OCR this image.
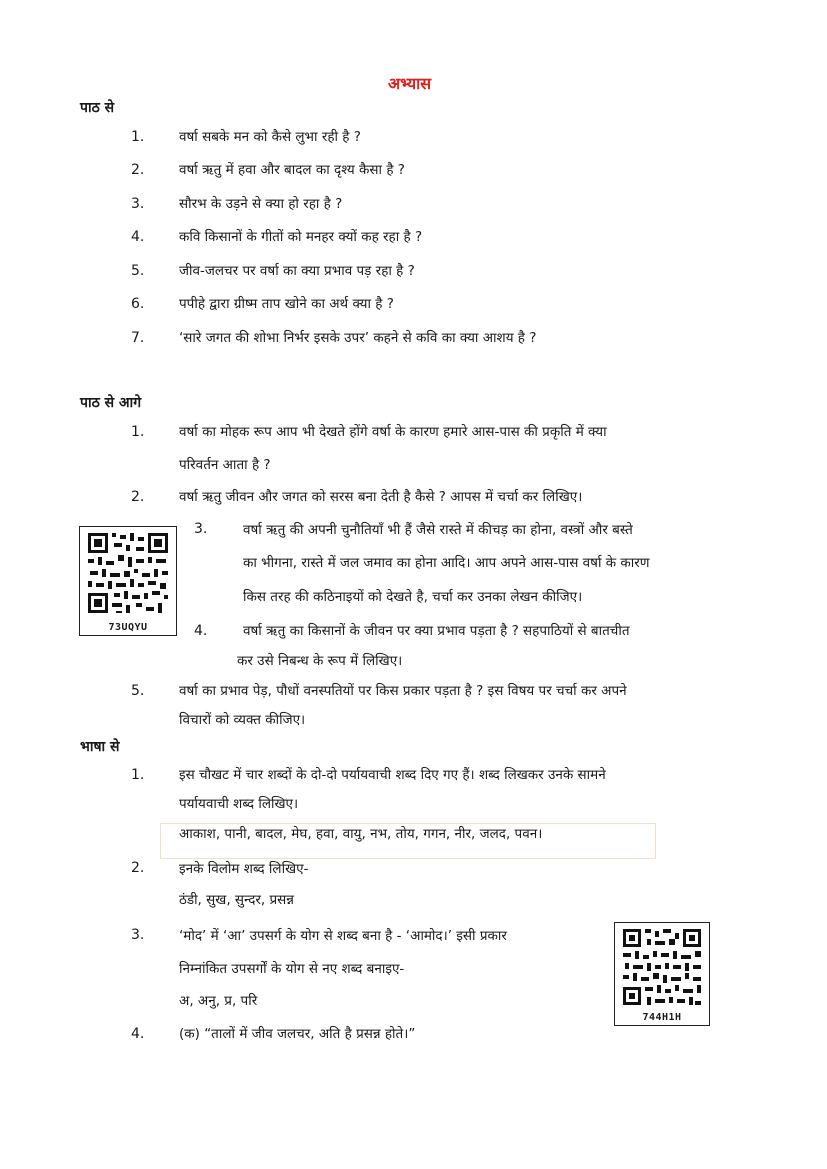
अभ्यास
पाठ से
1.	वर्षा सबके मन को कैसे लुभा रही है ?
2.	वर्षा ऋतु में हवा और बादल का दृश्य कैसा है ?
3.	सौरभ के उड़ने से क्या हो रहा है ?
4.	कवि किसानों के गीतों को मनहर क्यों कह रहा है ?
5.	जीव-जलचर पर वर्षा का क्या प्रभाव पड़ रहा है ?
6.	पपीहे द्वारा ग्रीष्म ताप खोने का अर्थ क्या है ?
7.	‘सारे जगत की शोभा निर्भर इसके उपर’ कहने से कवि का क्या आशय है ?
पाठ से आगे
1.	वर्षा का मोहक रूप आप भी देखते होंगे वर्षा के कारण हमारे आस-पास की प्रकृति में क्या
परिवर्तन आता है ?
2.	वर्षा ऋतु जीवन और जगत को सरस बना देती है कैसे ? आपस में चर्चा कर लिखिए।
73UQYU
3.	वर्षा ऋतु की अपनी चुनौतियाँ भी हैं जैसे रास्ते में कीचड़ का होना, वस्त्रों और बस्ते
का भीगना, रास्ते में जल जमाव का होना आदि। आप अपने आस-पास वर्षा के कारण
किस तरह की कठिनाइयों को देखते है, चर्चा कर उनका लेखन कीजिए।
4.	वर्षा ऋतु का किसानों के जीवन पर क्या प्रभाव पड़ता है ? सहपाठियों से बातचीत
कर उसे निबन्ध के रूप में लिखिए।
5.	वर्षा का प्रभाव पेड़, पौधों वनस्पतियों पर किस प्रकार पड़ता है ? इस विषय पर चर्चा कर अपने
विचारों को व्यक्त कीजिए।
भाषा से
1.	इस चौखट में चार शब्दों के दो-दो पर्यायवाची शब्द दिए गए हैं। शब्द लिखकर उनके सामने
पर्यायवाची शब्द लिखिए।
आकाश, पानी, बादल, मेघ, हवा, वायु, नभ, तोय, गगन, नीर, जलद, पवन।
2.	इनके विलोम शब्द लिखिए-
ठंडी, सुख, सुन्दर, प्रसन्न
3.	‘मोद’ में ‘आ’ उपसर्ग के योग से शब्द बना है - ‘आमोद।’ इसी प्रकार
निम्नांकित उपसर्गों के योग से नए शब्द बनाइए-
अ, अनु, प्र, परि
744H1H
4.	(क) “तालों में जीव जलचर, अति है प्रसन्न होते।”
